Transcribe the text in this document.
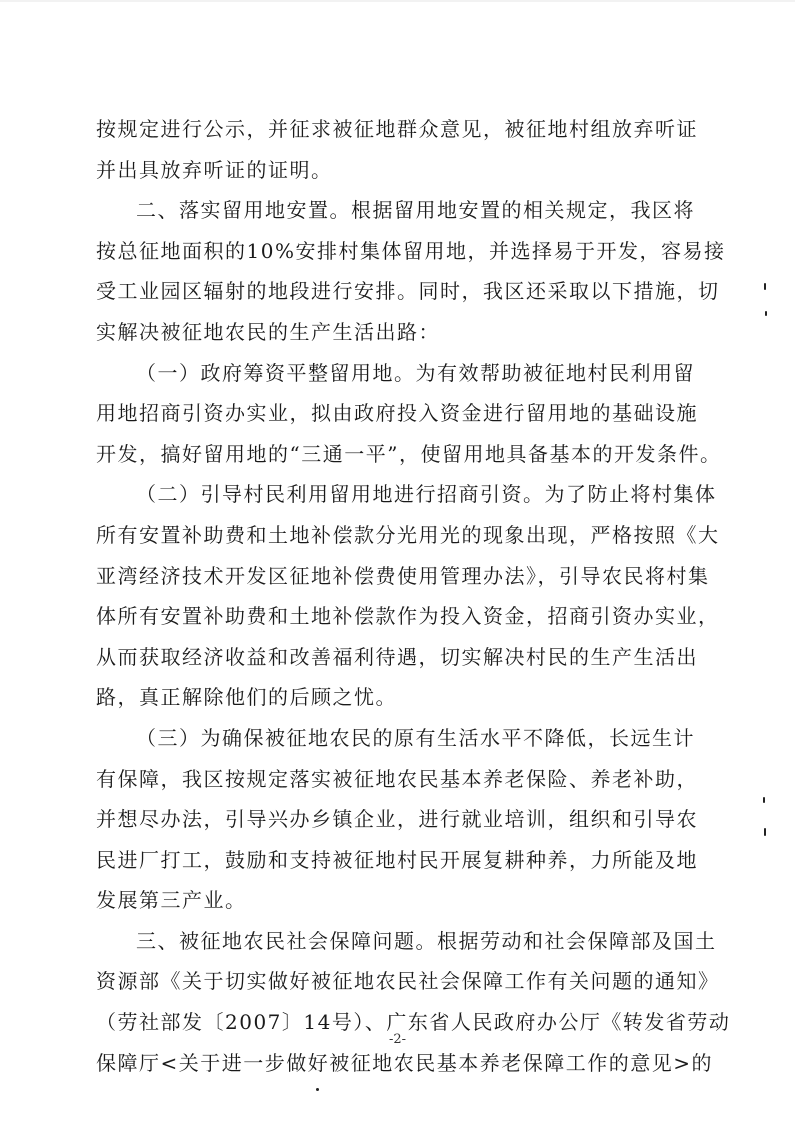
按规定进行公示，并征求被征地群众意见，被征地村组放弃听证
并出具放弃听证的证明。
二、落实留用地安置。根据留用地安置的相关规定，我区将
按总征地面积的10%安排村集体留用地，并选择易于开发，容易接
受工业园区辐射的地段进行安排。同时，我区还采取以下措施，切
实解决被征地农民的生产生活出路：
（一）政府筹资平整留用地。为有效帮助被征地村民利用留
用地招商引资办实业，拟由政府投入资金进行留用地的基础设施
开发，搞好留用地的“三通一平”，使留用地具备基本的开发条件。
（二）引导村民利用留用地进行招商引资。为了防止将村集体
所有安置补助费和土地补偿款分光用光的现象出现，严格按照《大
亚湾经济技术开发区征地补偿费使用管理办法》，引导农民将村集
体所有安置补助费和土地补偿款作为投入资金，招商引资办实业，
从而获取经济收益和改善福利待遇，切实解决村民的生产生活出
路，真正解除他们的后顾之忧。
（三）为确保被征地农民的原有生活水平不降低，长远生计
有保障，我区按规定落实被征地农民基本养老保险、养老补助，
并想尽办法，引导兴办乡镇企业，进行就业培训，组织和引导农
民进厂打工，鼓励和支持被征地村民开展复耕种养，力所能及地
发展第三产业。
三、被征地农民社会保障问题。根据劳动和社会保障部及国土
资源部《关于切实做好被征地农民社会保障工作有关问题的通知》
（劳社部发〔2007〕14号）、广东省人民政府办公厅《转发省劳动
保障厅<关于进一步做好被征地农民基本养老保障工作的意见>的
-2-
